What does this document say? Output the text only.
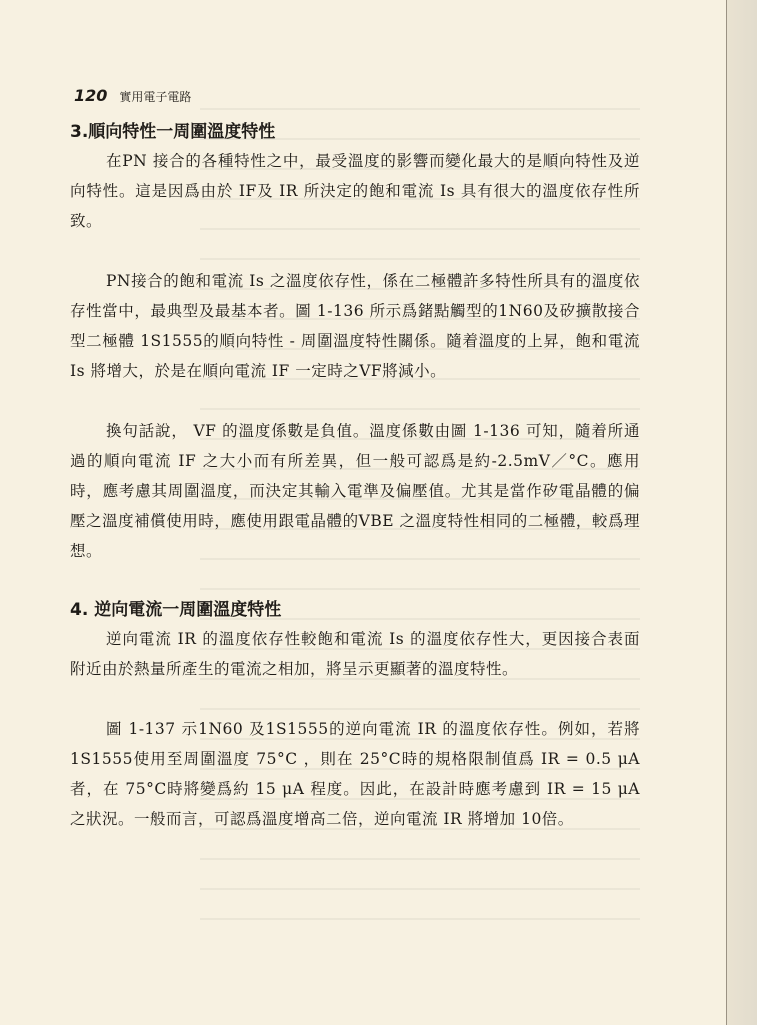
120 實用電子電路
3.順向特性一周圍溫度特性

在PN 接合的各種特性之中，最受溫度的影響而變化最大的是順向特性及逆向特性。這是因爲由於 IF及 IR 所決定的飽和電流 Is 具有很大的溫度依存性所致。

PN接合的飽和電流 Is 之溫度依存性，係在二極體許多特性所具有的溫度依存性當中，最典型及最基本者。圖 1-136 所示爲鍺點觸型的1N60及矽擴散接合型二極體 1S1555的順向特性 - 周圍溫度特性關係。隨着溫度的上昇，飽和電流 Is 將增大，於是在順向電流 IF 一定時之VF將減小。

換句話說， VF 的溫度係數是負值。溫度係數由圖 1-136 可知，隨着所通過的順向電流 IF 之大小而有所差異，但一般可認爲是約-2.5mV／°C。應用時，應考慮其周圍溫度，而決定其輸入電準及偏壓值。尤其是當作矽電晶體的偏壓之溫度補償使用時，應使用跟電晶體的VBE 之溫度特性相同的二極體，較爲理想。

4. 逆向電流一周圍溫度特性

逆向電流 IR 的溫度依存性較飽和電流 Is 的溫度依存性大，更因接合表面附近由於熱量所產生的電流之相加，將呈示更顯著的溫度特性。

圖 1-137 示1N60 及1S1555的逆向電流 IR 的溫度依存性。例如，若將 1S1555使用至周圍溫度 75°C ，則在 25°C時的規格限制值爲 IR = 0.5 μA 者，在 75°C時將變爲約 15 μA 程度。因此，在設計時應考慮到 IR = 15 μA 之狀況。一般而言，可認爲溫度增高二倍，逆向電流 IR 將增加 10倍。
